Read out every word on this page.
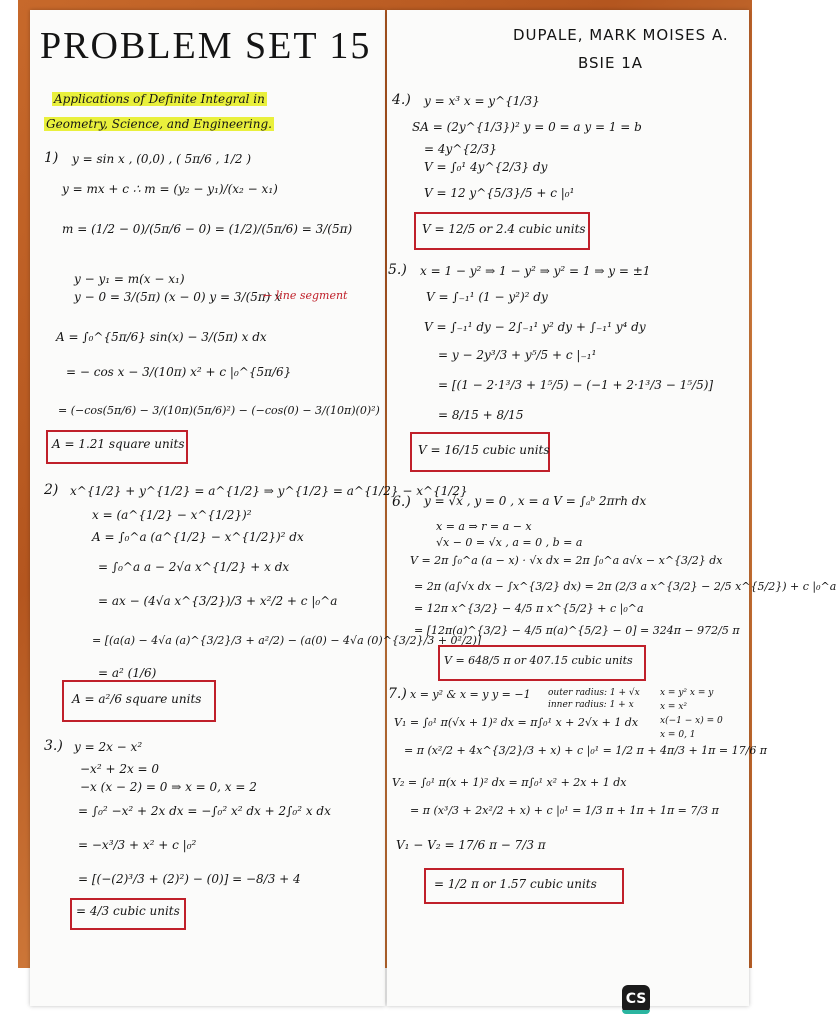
PROBLEM SET 15	DUPALE, MARK MOISES A.
BSIE 1A
Applications of Definite Integral in
Geometry, Science, and Engineering.
1) y = sin x , (0,0) , ( 5π/6 , 1/2 )
y = mx + c ∴ m = (y₂ − y₁)/(x₂ − x₁)
m = (1/2 − 0)/(5π/6 − 0) = (1/2)/(5π/6) = 3/(5π)
y − y₁ = m(x − x₁)
y − 0 = 3/(5π) (x − 0) y = 3/(5π) x
← line segment
A = ∫₀^{5π/6} sin(x) − 3/(5π) x dx
= − cos x − 3/(10π) x² + c |₀^{5π/6}
= (−cos(5π/6) − 3/(10π)(5π/6)²) − (−cos(0) − 3/(10π)(0)²)
A = 1.21 square units
2) x^{1/2} + y^{1/2} = a^{1/2} ⇒ y^{1/2} = a^{1/2} − x^{1/2}
x = (a^{1/2} − x^{1/2})²
A = ∫₀^a (a^{1/2} − x^{1/2})² dx
= ∫₀^a a − 2√a x^{1/2} + x dx
= ax − (4√a x^{3/2})/3 + x²/2 + c |₀^a
= [(a(a) − 4√a (a)^{3/2}/3 + a²/2) − (a(0) − 4√a (0)^{3/2}/3 + 0²/2)]
= a² (1/6)
A = a²/6 square units
3.) y = 2x − x²
−x² + 2x = 0
−x (x − 2) = 0 ⇒ x = 0, x = 2
= ∫₀² −x² + 2x dx = −∫₀² x² dx + 2∫₀² x dx
= −x³/3 + x² + c |₀²
= [(−(2)³/3 + (2)²) − (0)] = −8/3 + 4
= 4/3 cubic units
4.) y = x³ x = y^{1/3}
SA = (2y^{1/3})² y = 0 = a y = 1 = b
= 4y^{2/3}
V = ∫₀¹ 4y^{2/3} dy
V = 12 y^{5/3}/5 + c |₀¹
V = 12/5 or 2.4 cubic units
5.) x = 1 − y² ⇒ 1 − y² ⇒ y² = 1 ⇒ y = ±1
V = ∫₋₁¹ (1 − y²)² dy
V = ∫₋₁¹ dy − 2∫₋₁¹ y² dy + ∫₋₁¹ y⁴ dy
= y − 2y³/3 + y⁵/5 + c |₋₁¹
= [(1 − 2·1³/3 + 1⁵/5) − (−1 + 2·1³/3 − 1⁵/5)]
= 8/15 + 8/15
V = 16/15 cubic units
6.) y = √x , y = 0 , x = a V = ∫ₐᵇ 2πrh dx
x = a ⇒ r = a − x
√x − 0 = √x , a = 0 , b = a
V = 2π ∫₀^a (a − x) · √x dx = 2π ∫₀^a a√x − x^{3/2} dx
= 2π (a∫√x dx − ∫x^{3/2} dx) = 2π (2/3 a x^{3/2} − 2/5 x^{5/2}) + c |₀^a
= 12π x^{3/2} − 4/5 π x^{5/2} + c |₀^a
= [12π(a)^{3/2} − 4/5 π(a)^{5/2} − 0] = 324π − 972/5 π
V = 648/5 π or 407.15 cubic units
7.) x = y² & x = y y = −1 outer radius: 1 + √x
inner radius: 1 + x
x = y² x = y
x = x²
x(−1 − x) = 0
x = 0, 1
V₁ = ∫₀¹ π(√x + 1)² dx = π∫₀¹ x + 2√x + 1 dx
= π (x²/2 + 4x^{3/2}/3 + x) + c |₀¹ = 1/2 π + 4π/3 + 1π = 17/6 π
V₂ = ∫₀¹ π(x + 1)² dx = π∫₀¹ x² + 2x + 1 dx
= π (x³/3 + 2x²/2 + x) + c |₀¹ = 1/3 π + 1π + 1π = 7/3 π
V₁ − V₂ = 17/6 π − 7/3 π
= 1/2 π or 1.57 cubic units
CS
